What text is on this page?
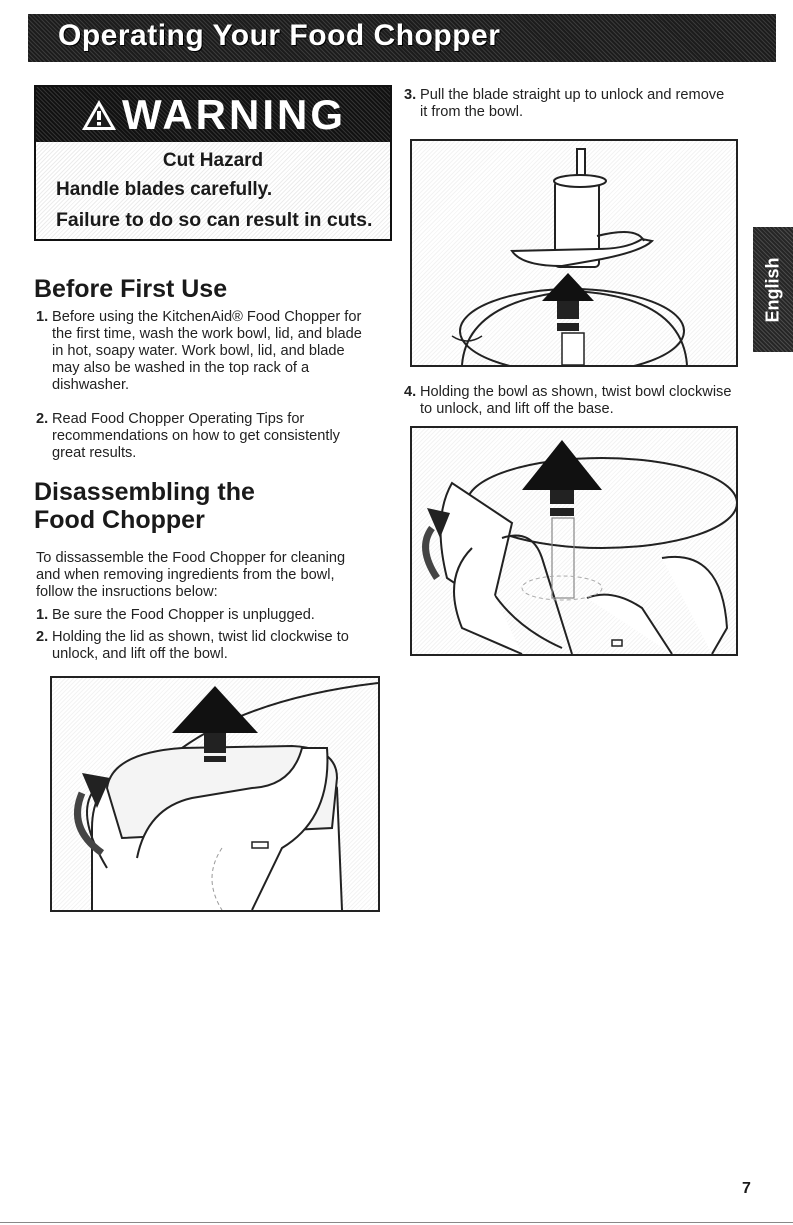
Operating Your Food Chopper
WARNING

Cut Hazard

Handle blades carefully.

Failure to do so can result in cuts.

Before First Use
1. Before using the KitchenAid® Food Chopper for the first time, wash the work bowl, lid, and blade in hot, soapy water. Work bowl, lid, and blade may also be washed in the top rack of a dishwasher.
2. Read Food Chopper Operating Tips for recommendations on how to get consistently great results.
Disassembling the
Food Chopper

To dissassemble the Food Chopper for cleaning and when removing ingredients from the bowl, follow the insructions below:

1. Be sure the Food Chopper is unplugged.
2. Holding the lid as shown, twist lid clockwise to unlock, and lift off the bowl.
3. Pull the blade straight up to unlock and remove it from the bowl.
4. Holding the bowl as shown, twist bowl clockwise to unlock, and lift off the base.
English

7
